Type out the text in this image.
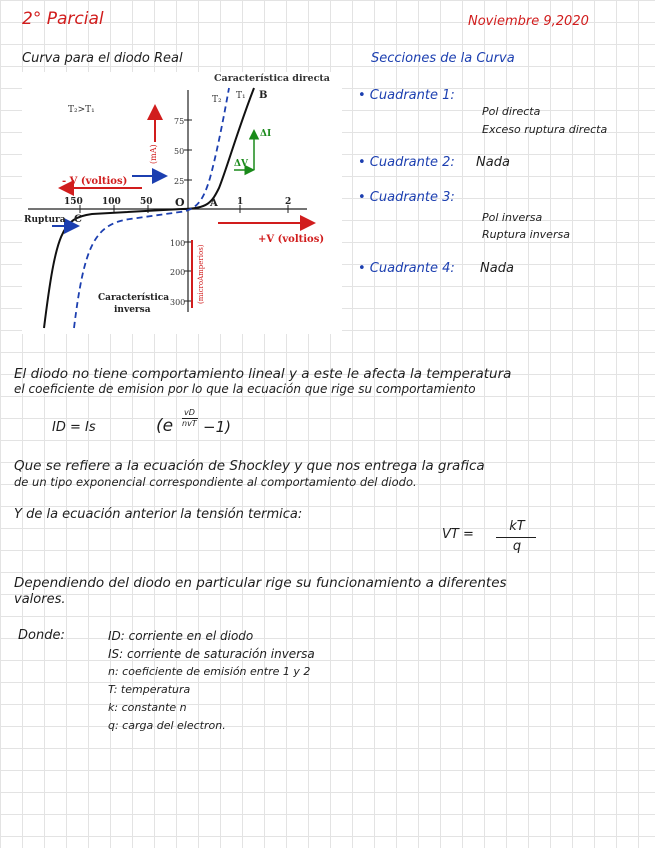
2° Parcial	Noviembre 9,2020
Curva para el diodo Real
Característica directa
T₂>T₁
T₂ T₁ B
(mA)
75
50
25
ΔI
ΔV
- V (voltios)
150 100 50 O	A 1	2
Ruptura C
100
200
300 (microAmperios)
+V (voltios)
Característica
inversa
Secciones de la Curva
• Cuadrante 1:
Pol directa
Exceso ruptura directa
• Cuadrante 2: Nada
• Cuadrante 3:
Pol inversa
Ruptura inversa
• Cuadrante 4: Nada
El diodo no tiene comportamiento lineal y a este le afecta la temperatura
el coeficiente de emision por lo que la ecuación que rige su comportamiento
ID = Is	(e
vD
nvT −1)
Que se refiere a la ecuación de Shockley y que nos entrega la grafica
de un tipo exponencial correspondiente al comportamiento del diodo.
Y de la ecuación anterior la tensión termica:
VT =
kT
q
Dependiendo del diodo en particular rige su funcionamiento a diferentes
valores.
Donde:	ID: corriente en el diodo
IS: corriente de saturación inversa
n: coeficiente de emisión entre 1 y 2
T: temperatura
k: constante n
q: carga del electron.
